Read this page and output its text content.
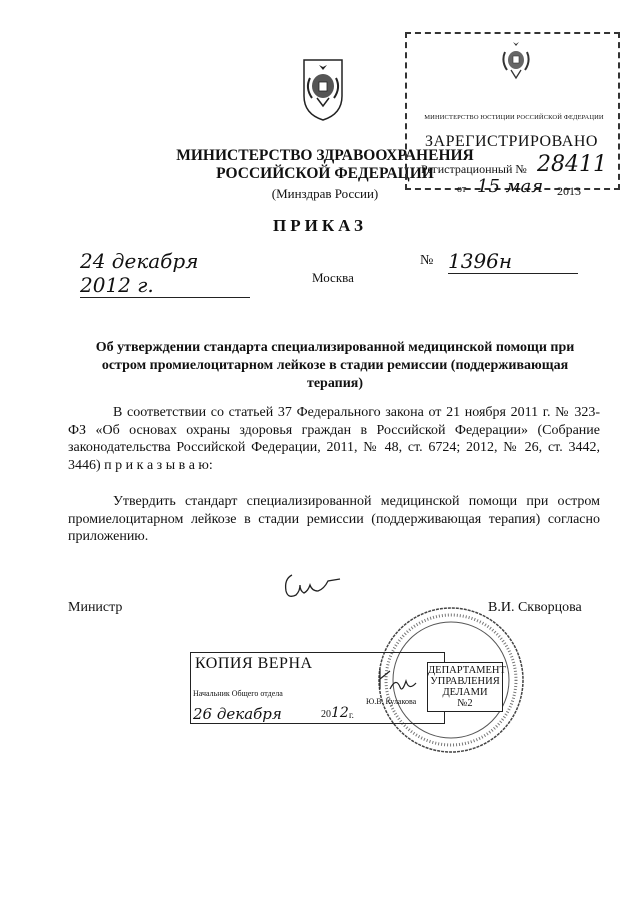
МИНИСТЕРСТВО ЗДРАВООХРАНЕНИЯ
РОССИЙСКОЙ ФЕДЕРАЦИИ
(Минздрав России)
МИНИСТЕРСТВО ЮСТИЦИИ РОССИЙСКОЙ ФЕДЕРАЦИИ
ЗАРЕГИСТРИРОВАНО
Регистрационный № 28411
от 15 мая 2013
ПРИКАЗ
24 декабря 2012 г.	Москва
№ 1396н
Об утверждении стандарта специализированной медицинской помощи при остром промиелоцитарном лейкозе в стадии ремиссии (поддерживающая терапия)
В соответствии со статьей 37 Федерального закона от 21 ноября 2011 г. № 323-ФЗ «Об основах охраны здоровья граждан в Российской Федерации» (Собрание законодательства Российской Федерации, 2011, № 48, ст. 6724; 2012, № 26, ст. 3442, 3446) п р и к а з ы в а ю:
Утвердить стандарт специализированной медицинской помощи при остром промиелоцитарном лейкозе в стадии ремиссии (поддерживающая терапия) согласно приложению.
Министр	В.И. Скворцова
КОПИЯ ВЕРНА
Начальник Общего отдела
Ю.В. Кулакова
26 декабря	20 12 г.
ДЕПАРТАМЕНТ
УПРАВЛЕНИЯ
ДЕЛАМИ
№2
